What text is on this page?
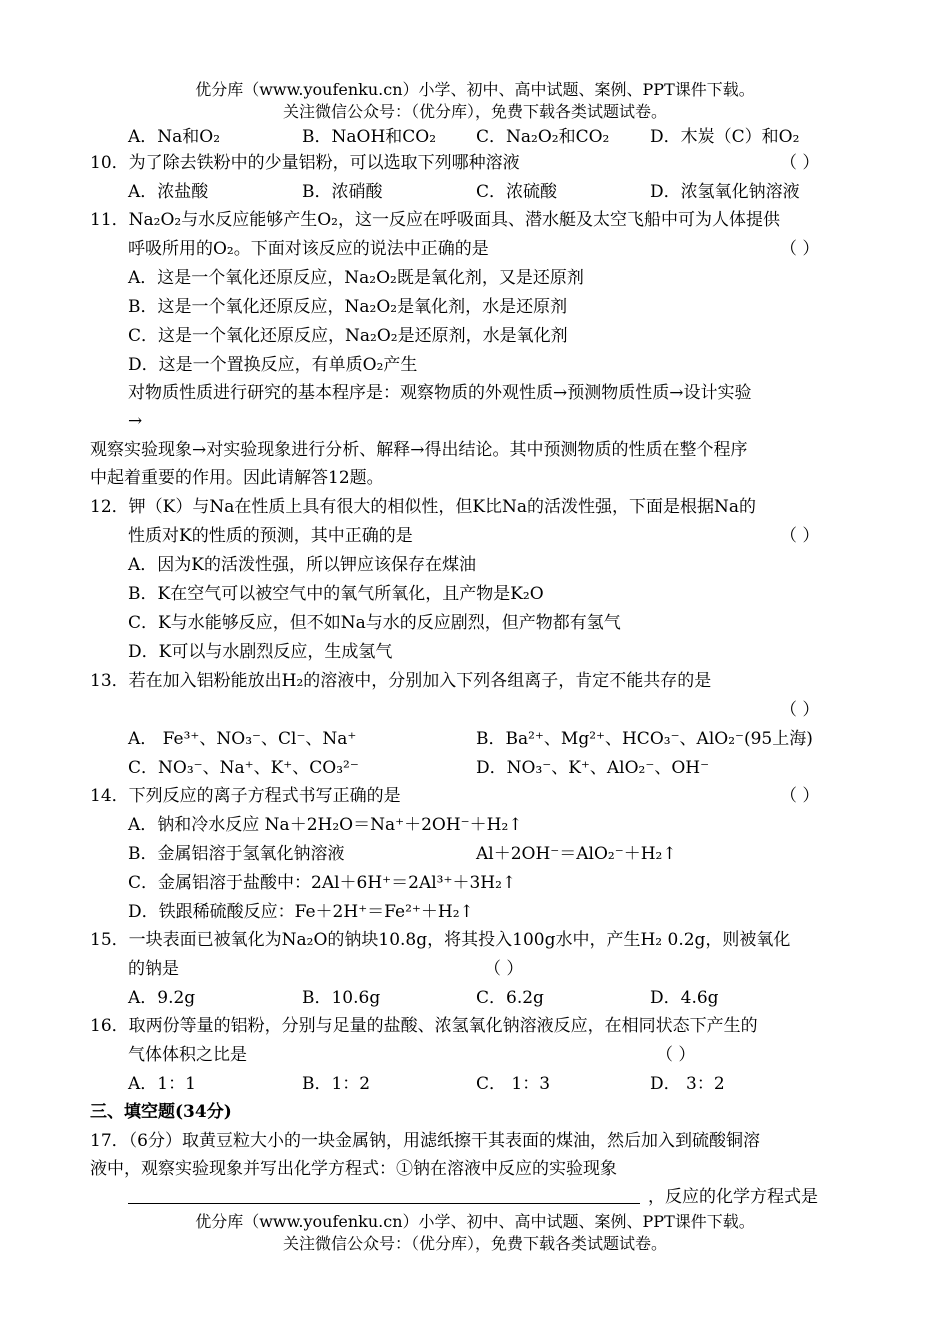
优分库（www.youfenku.cn）小学、初中、高中试题、案例、PPT课件下载。
关注微信公众号：（优分库），免费下载各类试题试卷。
A．Na和O₂	B．NaOH和CO₂ C．Na₂O₂和CO₂ D．木炭（C）和O₂
10．为了除去铁粉中的少量铝粉，可以选取下列哪种溶液	（ ）
A．浓盐酸	B．浓硝酸	C．浓硫酸	D．浓氢氧化钠溶液
11．Na₂O₂与水反应能够产生O₂，这一反应在呼吸面具、潜水艇及太空飞船中可为人体提供
呼吸所用的O₂。下面对该反应的说法中正确的是	（ ）
A．这是一个氧化还原反应，Na₂O₂既是氧化剂，又是还原剂
B．这是一个氧化还原反应，Na₂O₂是氧化剂，水是还原剂
C．这是一个氧化还原反应，Na₂O₂是还原剂，水是氧化剂
D．这是一个置换反应，有单质O₂产生
对物质性质进行研究的基本程序是：观察物质的外观性质→预测物质性质→设计实验
→
观察实验现象→对实验现象进行分析、解释→得出结论。其中预测物质的性质在整个程序
中起着重要的作用。因此请解答12题。
12．钾（K）与Na在性质上具有很大的相似性，但K比Na的活泼性强，下面是根据Na的
性质对K的性质的预测，其中正确的是	（ ）
A．因为K的活泼性强，所以钾应该保存在煤油
B．K在空气可以被空气中的氧气所氧化，且产物是K₂O
C．K与水能够反应，但不如Na与水的反应剧烈，但产物都有氢气
D．K可以与水剧烈反应，生成氢气
13．若在加入铝粉能放出H₂的溶液中，分别加入下列各组离子，肯定不能共存的是
（ ）
A． Fe³⁺、NO₃⁻、Cl⁻、Na⁺	B．Ba²⁺、Mg²⁺、HCO₃⁻、AlO₂⁻(95上海)
C．NO₃⁻、Na⁺、K⁺、CO₃²⁻	D．NO₃⁻、K⁺、AlO₂⁻、OH⁻
14．下列反应的离子方程式书写正确的是	（ ）
A．钠和冷水反应 Na＋2H₂O＝Na⁺＋2OH⁻＋H₂↑
B．金属铝溶于氢氧化钠溶液	Al＋2OH⁻＝AlO₂⁻＋H₂↑
C．金属铝溶于盐酸中：2Al＋6H⁺＝2Al³⁺＋3H₂↑
D．铁跟稀硫酸反应：Fe＋2H⁺＝Fe²⁺＋H₂↑
15．一块表面已被氧化为Na₂O的钠块10.8g，将其投入100g水中，产生H₂ 0.2g，则被氧化
的钠是	（ ）
A．9.2g	B．10.6g	C．6.2g	D．4.6g
16．取两份等量的铝粉，分别与足量的盐酸、浓氢氧化钠溶液反应，在相同状态下产生的
气体体积之比是	（ ）
A．1：1	B．1：2	C． 1：3	D． 3：2
三、填空题(34分)
17．（6分）取黄豆粒大小的一块金属钠，用滤纸擦干其表面的煤油，然后加入到硫酸铜溶
液中，观察实验现象并写出化学方程式：①钠在溶液中反应的实验现象
，反应的化学方程式是
优分库（www.youfenku.cn）小学、初中、高中试题、案例、PPT课件下载。
关注微信公众号：（优分库），免费下载各类试题试卷。
